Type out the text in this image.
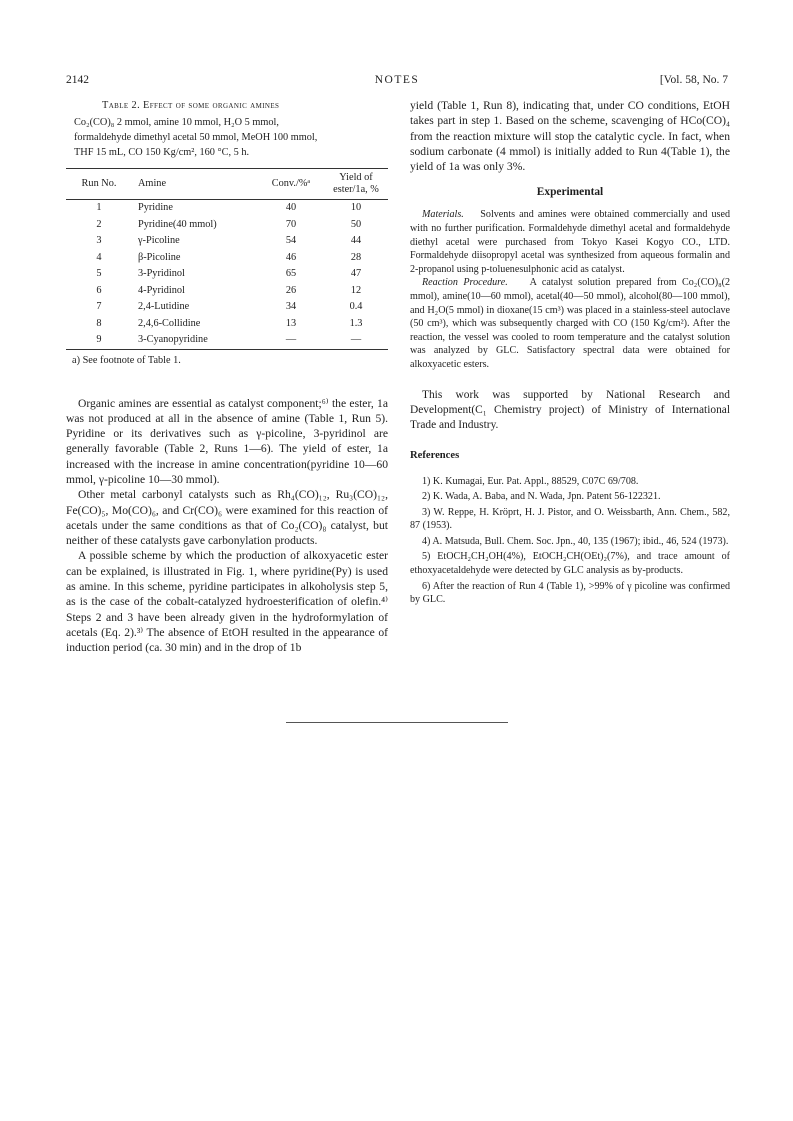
2142	NOTES	[Vol. 58, No. 7
Table 2. Effect of some organic amines
Co₂(CO)₈ 2 mmol, amine 10 mmol, H₂O 5 mmol,
formaldehyde dimethyl acetal 50 mmol, MeOH 100 mmol,
THF 15 mL, CO 150 Kg/cm², 160 °C, 5 h.
Run No.	Amine	Conv./%ᵃ	Yield of ester/1a, %
1	Pyridine	40	10
2	Pyridine(40 mmol)	70	50
3	γ-Picoline	54	44
4	β-Picoline	46	28
5	3-Pyridinol	65	47
6	4-Pyridinol	26	12
7	2,4-Lutidine	34	0.4
8	2,4,6-Collidine	13	1.3
9	3-Cyanopyridine	—	—
a) See footnote of Table 1.

Organic amines are essential as catalyst component;⁶⁾ the ester, 1a was not produced at all in the absence of amine (Table 1, Run 5). Pyridine or its derivatives such as γ-picoline, 3-pyridinol are generally favorable (Table 2, Runs 1—6). The yield of ester, 1a increased with the increase in amine concentration(pyridine 10—60 mmol, γ-picoline 10—30 mmol).

Other metal carbonyl catalysts such as Rh₄(CO)₁₂, Ru₃(CO)₁₂, Fe(CO)₅, Mo(CO)₆, and Cr(CO)₆ were examined for this reaction of acetals under the same conditions as that of Co₂(CO)₈ catalyst, but neither of these catalysts gave carbonylation products.

A possible scheme by which the production of alkoxyacetic ester can be explained, is illustrated in Fig. 1, where pyridine(Py) is used as amine. In this scheme, pyridine participates in alkoholysis step 5, as is the case of the cobalt-catalyzed hydroesterification of olefin.⁴⁾ Steps 2 and 3 have been already given in the hydroformylation of acetals (Eq. 2).³⁾ The absence of EtOH resulted in the appearance of induction period (ca. 30 min) and in the drop of 1b

yield (Table 1, Run 8), indicating that, under CO conditions, EtOH takes part in step 1. Based on the scheme, scavenging of HCo(CO)₄ from the reaction mixture will stop the catalytic cycle. In fact, when sodium carbonate (4 mmol) is initially added to Run 4(Table 1), the yield of 1a was only 3%.

Experimental

Materials. Solvents and amines were obtained commercially and used with no further purification. Formaldehyde dimethyl acetal and formaldehyde diethyl acetal were purchased from Tokyo Kasei Kogyo CO., LTD. Formaldehyde diisopropyl acetal was synthesized from aqueous formalin and 2-propanol using p-toluenesulphonic acid as catalyst.

Reaction Procedure. A catalyst solution prepared from Co₂(CO)₈(2 mmol), amine(10—60 mmol), acetal(40—50 mmol), alcohol(80—100 mmol), and H₂O(5 mmol) in dioxane(15 cm³) was placed in a stainless-steel autoclave (50 cm³), which was subsequently charged with CO (150 Kg/cm²). After the reaction, the vessel was cooled to room temperature and the catalyst solution was analyzed by GLC. Satisfactory spectral data were obtained for alkoxyacetic esters.

This work was supported by National Research and Development(C₁ Chemistry project) of Ministry of International Trade and Industry.

References

1) K. Kumagai, Eur. Pat. Appl., 88529, C07C 69/708.

2) K. Wada, A. Baba, and N. Wada, Jpn. Patent 56-122321.

3) W. Reppe, H. Kröprt, H. J. Pistor, and O. Weissbarth, Ann. Chem., 582, 87 (1953).

4) A. Matsuda, Bull. Chem. Soc. Jpn., 40, 135 (1967); ibid., 46, 524 (1973).

5) EtOCH₂CH₂OH(4%), EtOCH₂CH(OEt)₂(7%), and trace amount of ethoxyacetaldehyde were detected by GLC analysis as by-products.

6) After the reaction of Run 4 (Table 1), >99% of γ picoline was confirmed by GLC.
